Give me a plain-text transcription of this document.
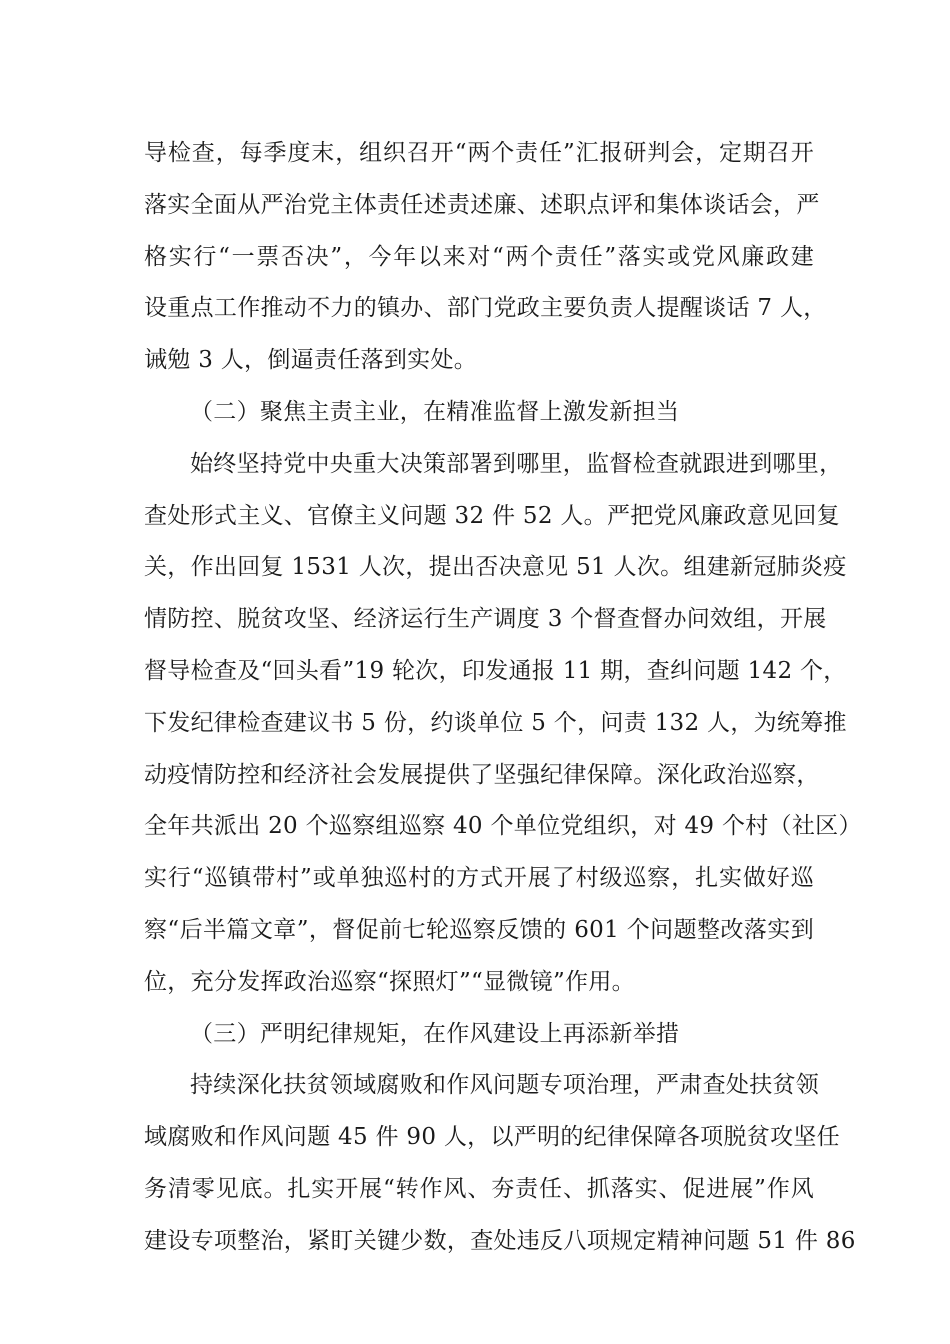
导检查，每季度末，组织召开“两个责任”汇报研判会，定期召开
落实全面从严治党主体责任述责述廉、述职点评和集体谈话会，严
格实行“一票否决”，今年以来对“两个责任”落实或党风廉政建
设重点工作推动不力的镇办、部门党政主要负责人提醒谈话 7 人，
诫勉 3 人，倒逼责任落到实处。
（二）聚焦主责主业，在精准监督上激发新担当
始终坚持党中央重大决策部署到哪里，监督检查就跟进到哪里，
查处形式主义、官僚主义问题 32 件 52 人。严把党风廉政意见回复
关，作出回复 1531 人次，提出否决意见 51 人次。组建新冠肺炎疫
情防控、脱贫攻坚、经济运行生产调度 3 个督查督办问效组，开展
督导检查及“回头看”19 轮次，印发通报 11 期，查纠问题 142 个，
下发纪律检查建议书 5 份，约谈单位 5 个，问责 132 人，为统筹推
动疫情防控和经济社会发展提供了坚强纪律保障。深化政治巡察，
全年共派出 20 个巡察组巡察 40 个单位党组织，对 49 个村（社区）
实行“巡镇带村”或单独巡村的方式开展了村级巡察，扎实做好巡
察“后半篇文章”，督促前七轮巡察反馈的 601 个问题整改落实到
位，充分发挥政治巡察“探照灯”“显微镜”作用。
（三）严明纪律规矩，在作风建设上再添新举措
持续深化扶贫领域腐败和作风问题专项治理，严肃查处扶贫领
域腐败和作风问题 45 件 90 人，以严明的纪律保障各项脱贫攻坚任
务清零见底。扎实开展“转作风、夯责任、抓落实、促进展”作风
建设专项整治，紧盯关键少数，查处违反八项规定精神问题 51 件 86
